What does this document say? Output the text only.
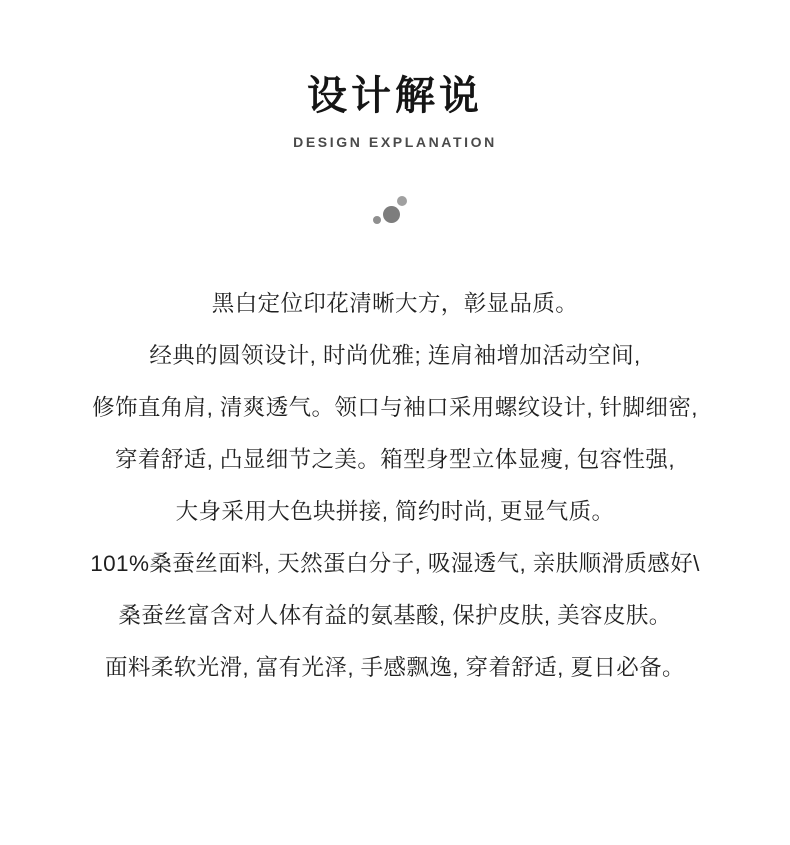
设计解说
DESIGN EXPLANATION
黑白定位印花清晰大方，彰显品质。
经典的圆领设计, 时尚优雅; 连肩袖增加活动空间,
修饰直角肩, 清爽透气。领口与袖口采用螺纹设计, 针脚细密,
穿着舒适, 凸显细节之美。箱型身型立体显瘦, 包容性强,
大身采用大色块拼接, 简约时尚, 更显气质。
101%桑蚕丝面料, 天然蛋白分子, 吸湿透气, 亲肤顺滑质感好\
桑蚕丝富含对人体有益的氨基酸, 保护皮肤, 美容皮肤。
面料柔软光滑, 富有光泽, 手感飘逸, 穿着舒适, 夏日必备。
